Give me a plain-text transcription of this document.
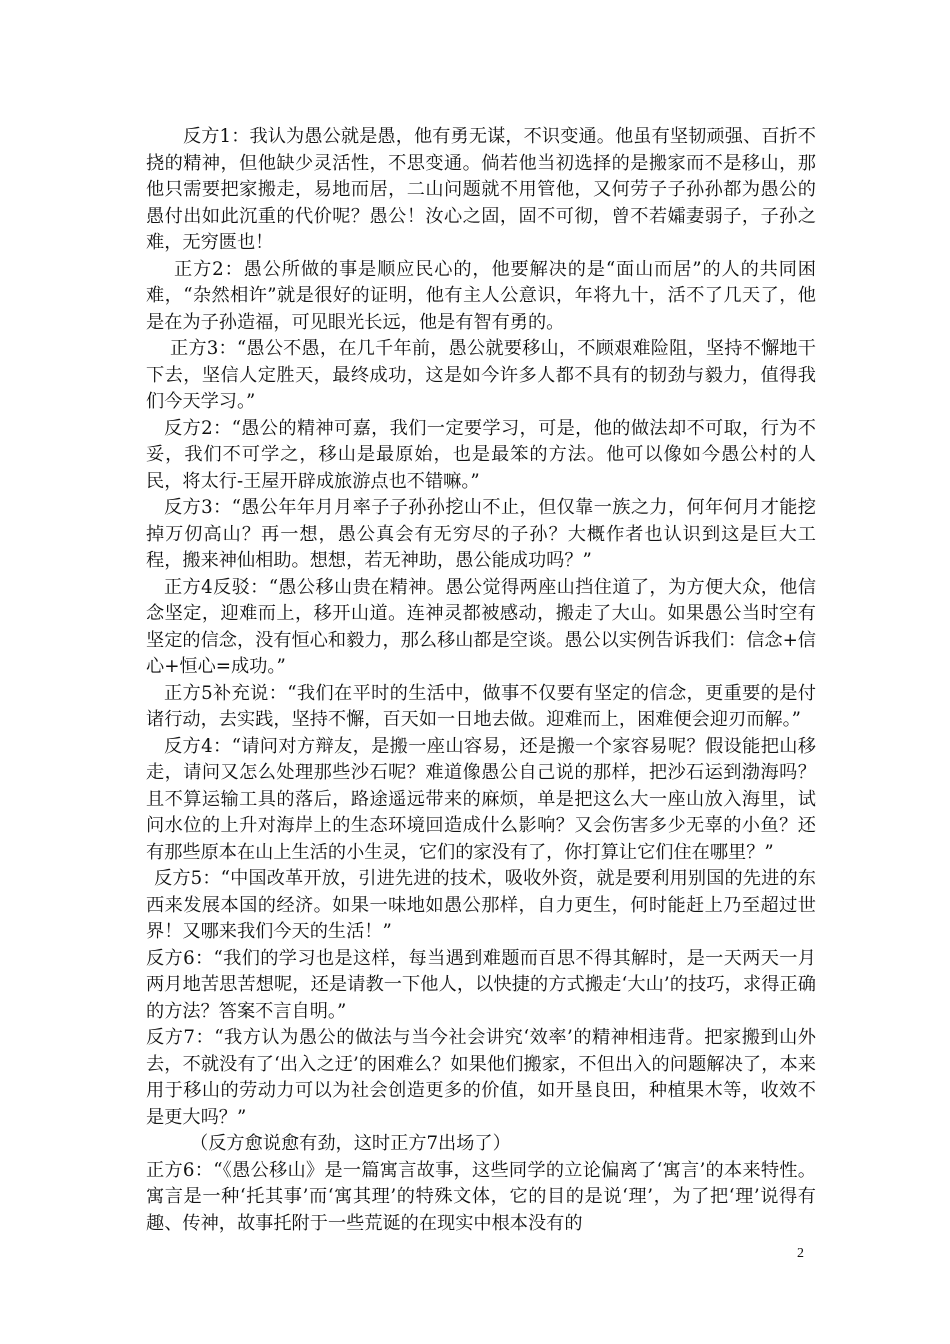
反方1：我认为愚公就是愚，他有勇无谋，不识变通。他虽有坚韧顽强、百折不挠的精神，但他缺少灵活性，不思变通。倘若他当初选择的是搬家而不是移山，那他只需要把家搬走，易地而居，二山问题就不用管他，又何劳子子孙孙都为愚公的愚付出如此沉重的代价呢？愚公！汝心之固，固不可彻，曾不若孀妻弱子，子孙之难，无穷匮也！

正方2：愚公所做的事是顺应民心的，他要解决的是“面山而居”的人的共同困难，“杂然相许”就是很好的证明，他有主人公意识，年将九十，活不了几天了，他是在为子孙造福，可见眼光长远，他是有智有勇的。

正方3：“愚公不愚，在几千年前，愚公就要移山，不顾艰难险阻，坚持不懈地干下去，坚信人定胜天，最终成功，这是如今许多人都不具有的韧劲与毅力，值得我们今天学习。”

反方2：“愚公的精神可嘉，我们一定要学习，可是，他的做法却不可取，行为不妥，我们不可学之，移山是最原始，也是最笨的方法。他可以像如今愚公村的人民，将太行-王屋开辟成旅游点也不错嘛。”

反方3：“愚公年年月月率子子孙孙挖山不止，但仅靠一族之力，何年何月才能挖掉万仞高山？再一想，愚公真会有无穷尽的子孙？大概作者也认识到这是巨大工程，搬来神仙相助。想想，若无神助，愚公能成功吗？”

正方4反驳：“愚公移山贵在精神。愚公觉得两座山挡住道了，为方便大众，他信念坚定，迎难而上，移开山道。连神灵都被感动，搬走了大山。如果愚公当时空有坚定的信念，没有恒心和毅力，那么移山都是空谈。愚公以实例告诉我们：信念+信心+恒心=成功。”

正方5补充说：“我们在平时的生活中，做事不仅要有坚定的信念，更重要的是付诸行动，去实践，坚持不懈，百天如一日地去做。迎难而上，困难便会迎刃而解。”

反方4：“请问对方辩友，是搬一座山容易，还是搬一个家容易呢？假设能把山移走，请问又怎么处理那些沙石呢？难道像愚公自己说的那样，把沙石运到渤海吗？且不算运输工具的落后，路途遥远带来的麻烦，单是把这么大一座山放入海里，试问水位的上升对海岸上的生态环境回造成什么影响？又会伤害多少无辜的小鱼？还有那些原本在山上生活的小生灵，它们的家没有了，你打算让它们住在哪里？”

反方5：“中国改革开放，引进先进的技术，吸收外资，就是要利用别国的先进的东西来发展本国的经济。如果一味地如愚公那样，自力更生，何时能赶上乃至超过世界！又哪来我们今天的生活！”

反方6：“我们的学习也是这样，每当遇到难题而百思不得其解时，是一天两天一月两月地苦思苦想呢，还是请教一下他人，以快捷的方式搬走‘大山’的技巧，求得正确的方法？答案不言自明。”

反方7：“我方认为愚公的做法与当今社会讲究‘效率’的精神相违背。把家搬到山外去，不就没有了‘出入之迂’的困难么？如果他们搬家，不但出入的问题解决了，本来用于移山的劳动力可以为社会创造更多的价值，如开垦良田，种植果木等，收效不是更大吗？”

（反方愈说愈有劲，这时正方7出场了）

正方6：“《愚公移山》是一篇寓言故事，这些同学的立论偏离了‘寓言’的本来特性。寓言是一种‘托其事’而‘寓其理’的特殊文体，它的目的是说‘理’，为了把‘理’说得有趣、传神，故事托附于一些荒诞的在现实中根本没有的

2
